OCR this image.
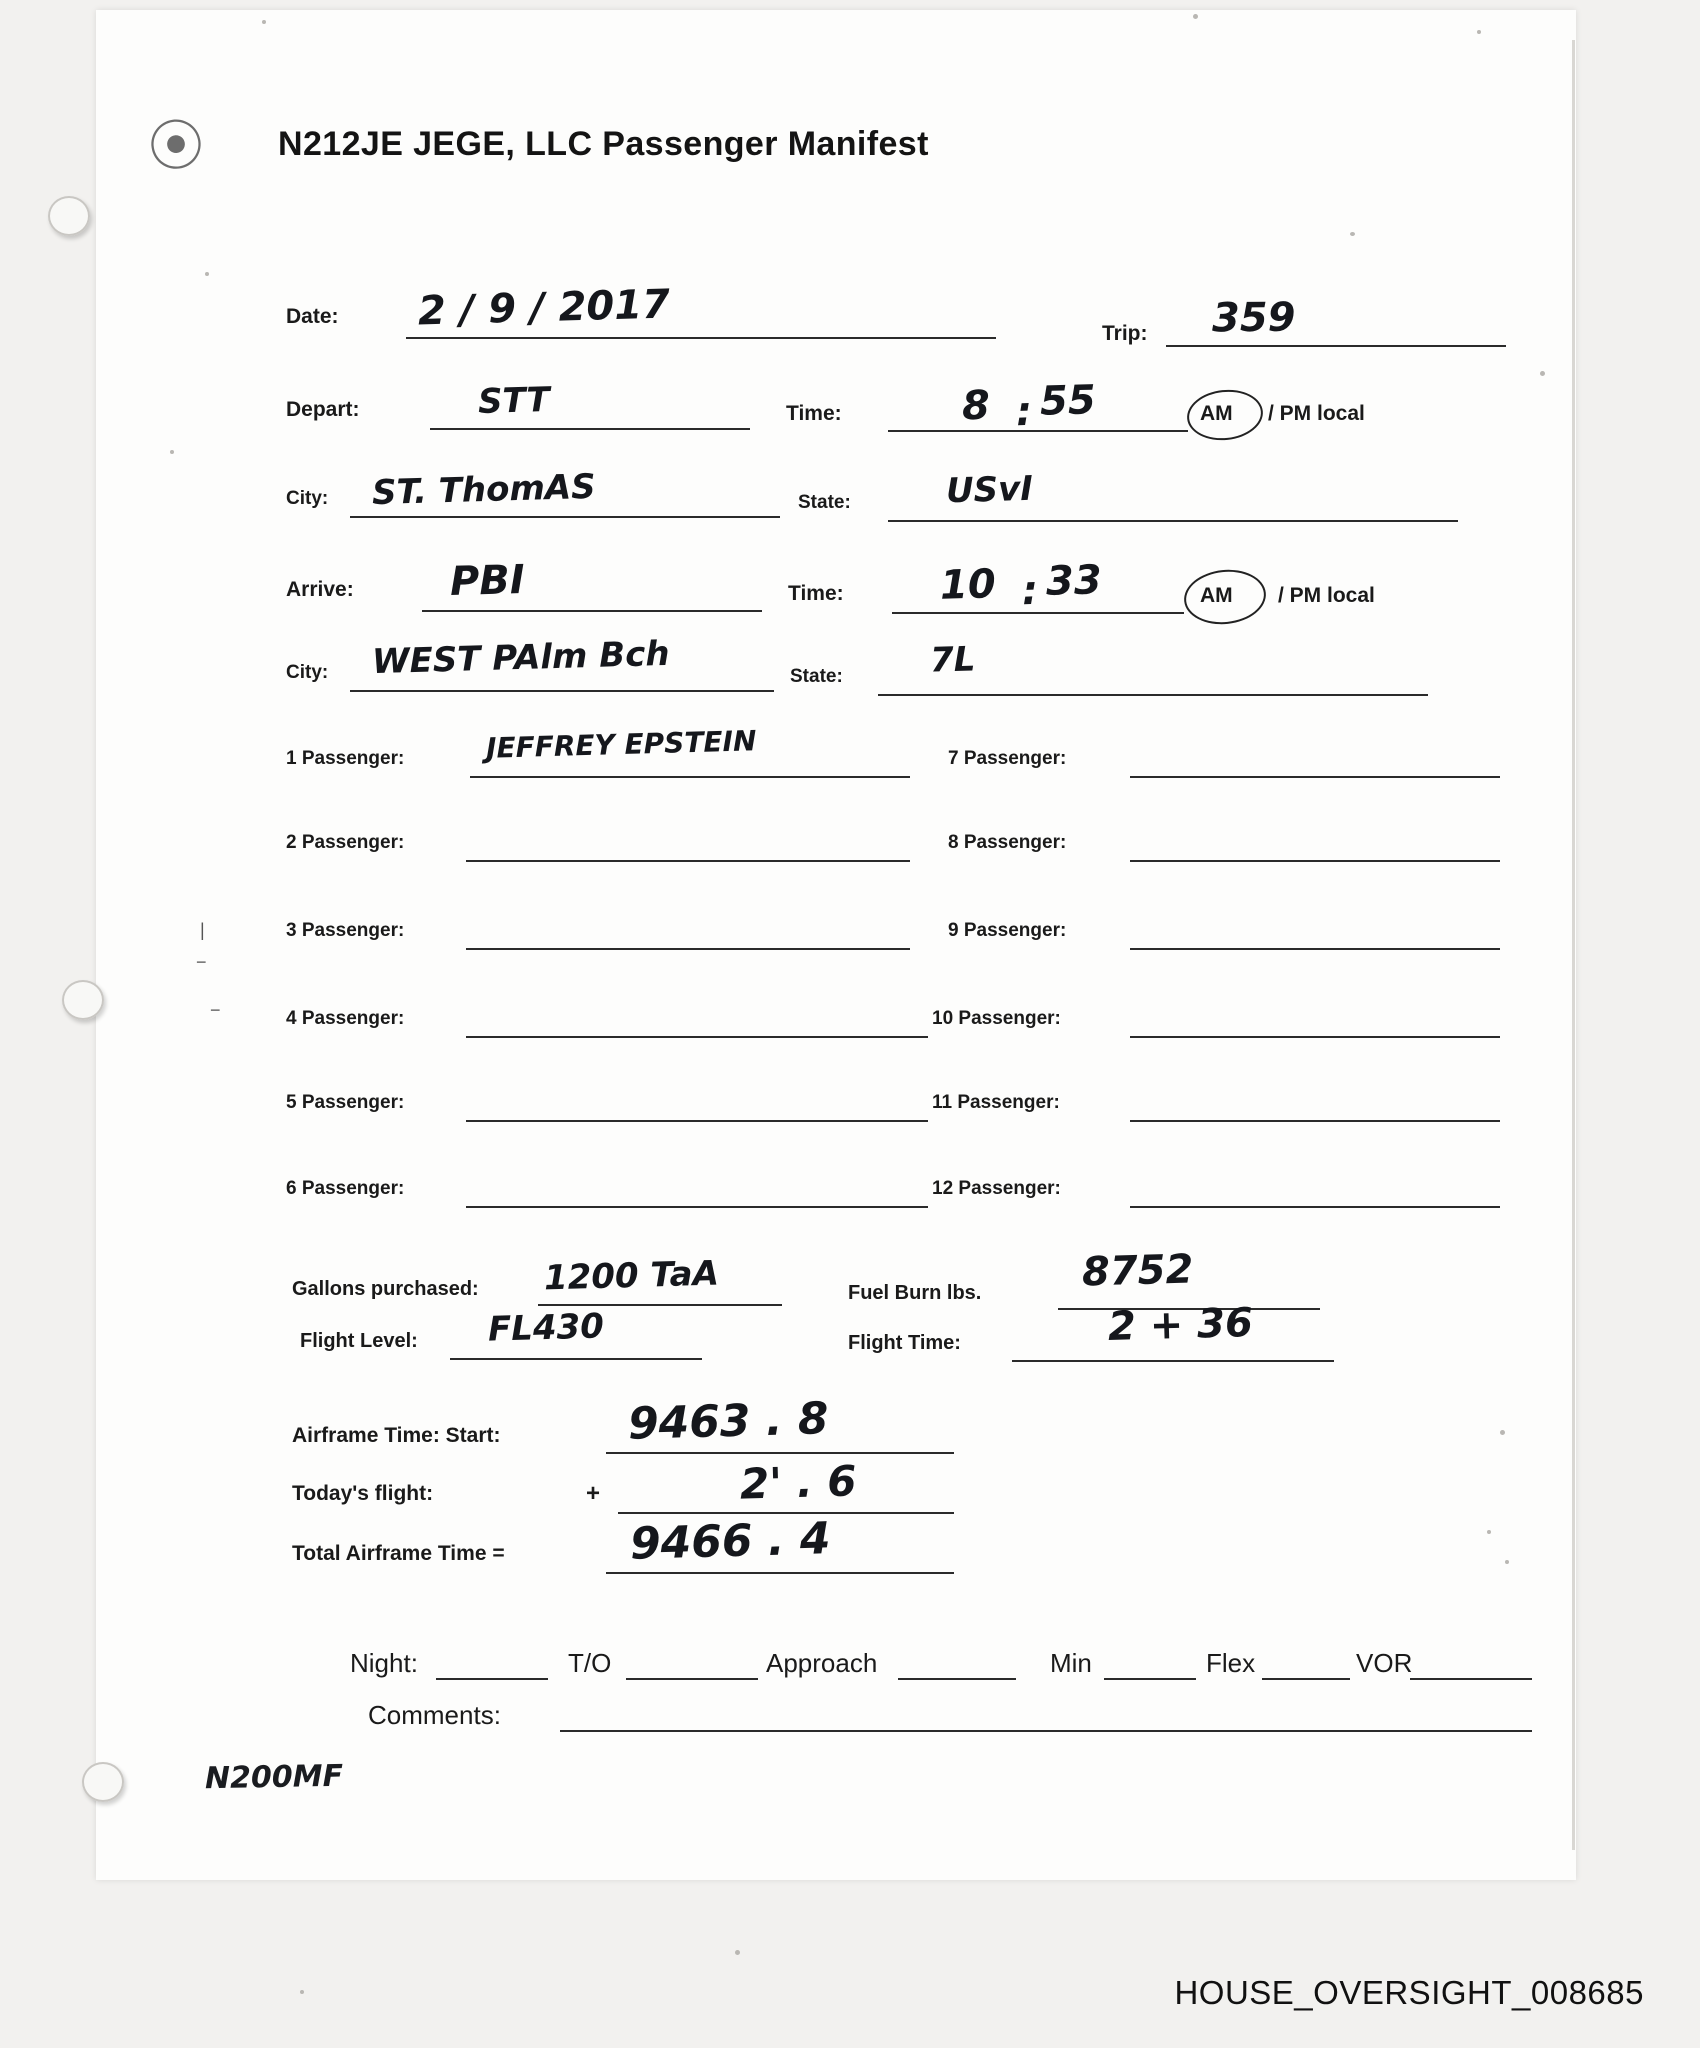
⦿
|
−
−
N212JE JEGE, LLC Passenger Manifest
Date: 2 / 9 / 2017	Trip: 359
Depart:	STT	Time:	8 : 55	AM / PM local
City: ST. ThomAS	State:	USvI
Arrive: PBI	Time: 10 : 33	AM / PM local
City: WEST PAlm Bch	State:	7L
1 Passenger:	JEFFREY EPSTEIN
2 Passenger:
3 Passenger:
4 Passenger:
5 Passenger:
6 Passenger:
7 Passenger:
8 Passenger:
9 Passenger:
10 Passenger:
11 Passenger:
12 Passenger:
Gallons purchased: 1200 TaA	Fuel Burn lbs.	8752
Flight Level: FL430	Flight Time:	2 + 36
Airframe Time: Start:	9463 . 8
Today's flight:	+	2' . 6
Total Airframe Time =	9466 . 4
Night:	T/O	Approach	Min	Flex	VOR
Comments:
N200MF
HOUSE_OVERSIGHT_008685
